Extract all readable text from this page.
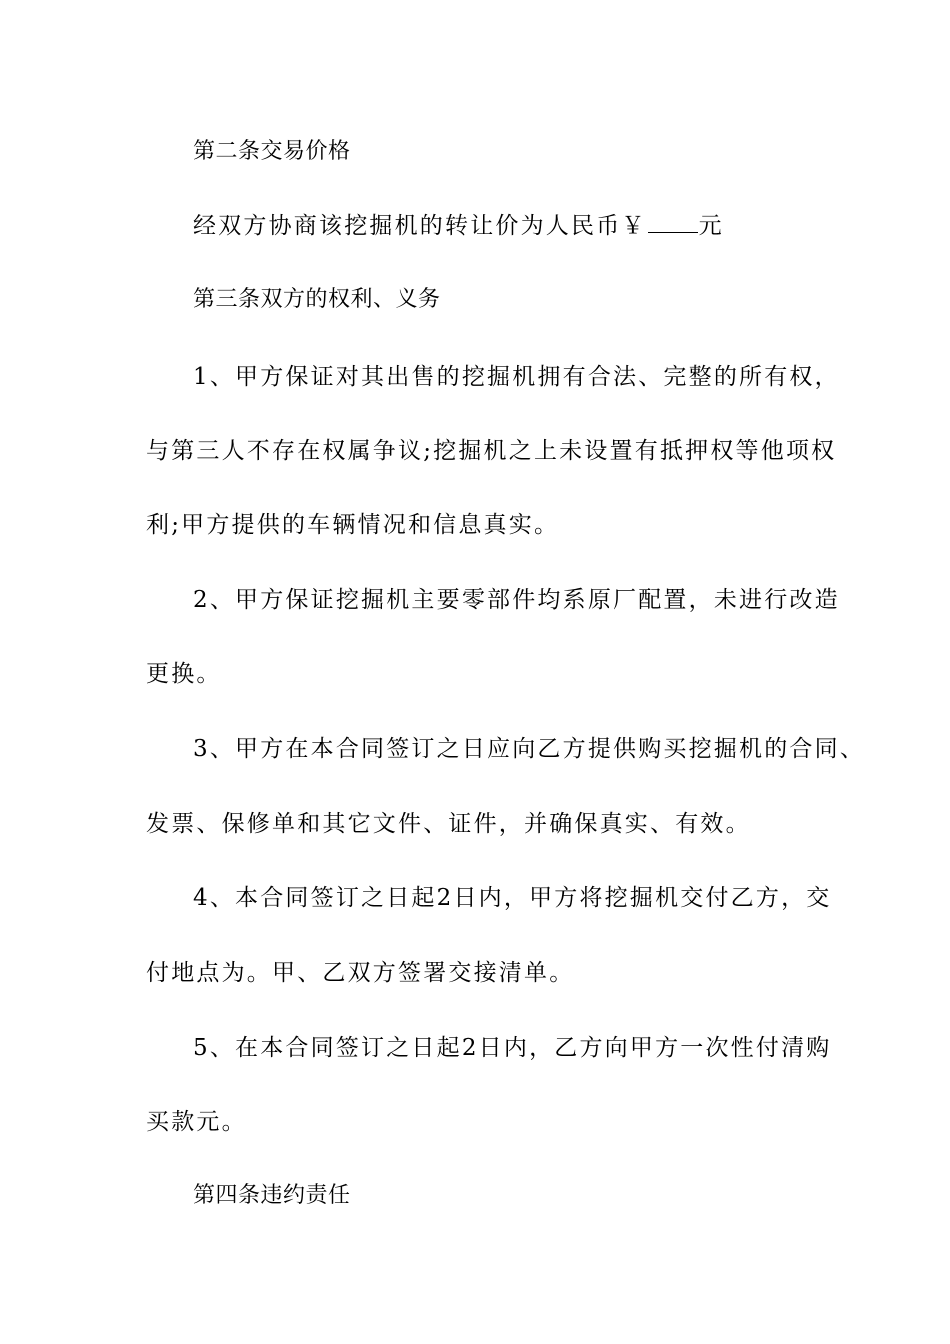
第二条交易价格
经双方协商该挖掘机的转让价为人民币￥ 元
第三条双方的权利、义务
1、甲方保证对其出售的挖掘机拥有合法、完整的所有权，
与第三人不存在权属争议;挖掘机之上未设置有抵押权等他项权
利;甲方提供的车辆情况和信息真实。
2、甲方保证挖掘机主要零部件均系原厂配置，未进行改造
更换。
3、甲方在本合同签订之日应向乙方提供购买挖掘机的合同、
发票、保修单和其它文件、证件，并确保真实、有效。
4、本合同签订之日起2日内，甲方将挖掘机交付乙方，交
付地点为。甲、乙双方签署交接清单。
5、在本合同签订之日起2日内，乙方向甲方一次性付清购
买款元。
第四条违约责任
